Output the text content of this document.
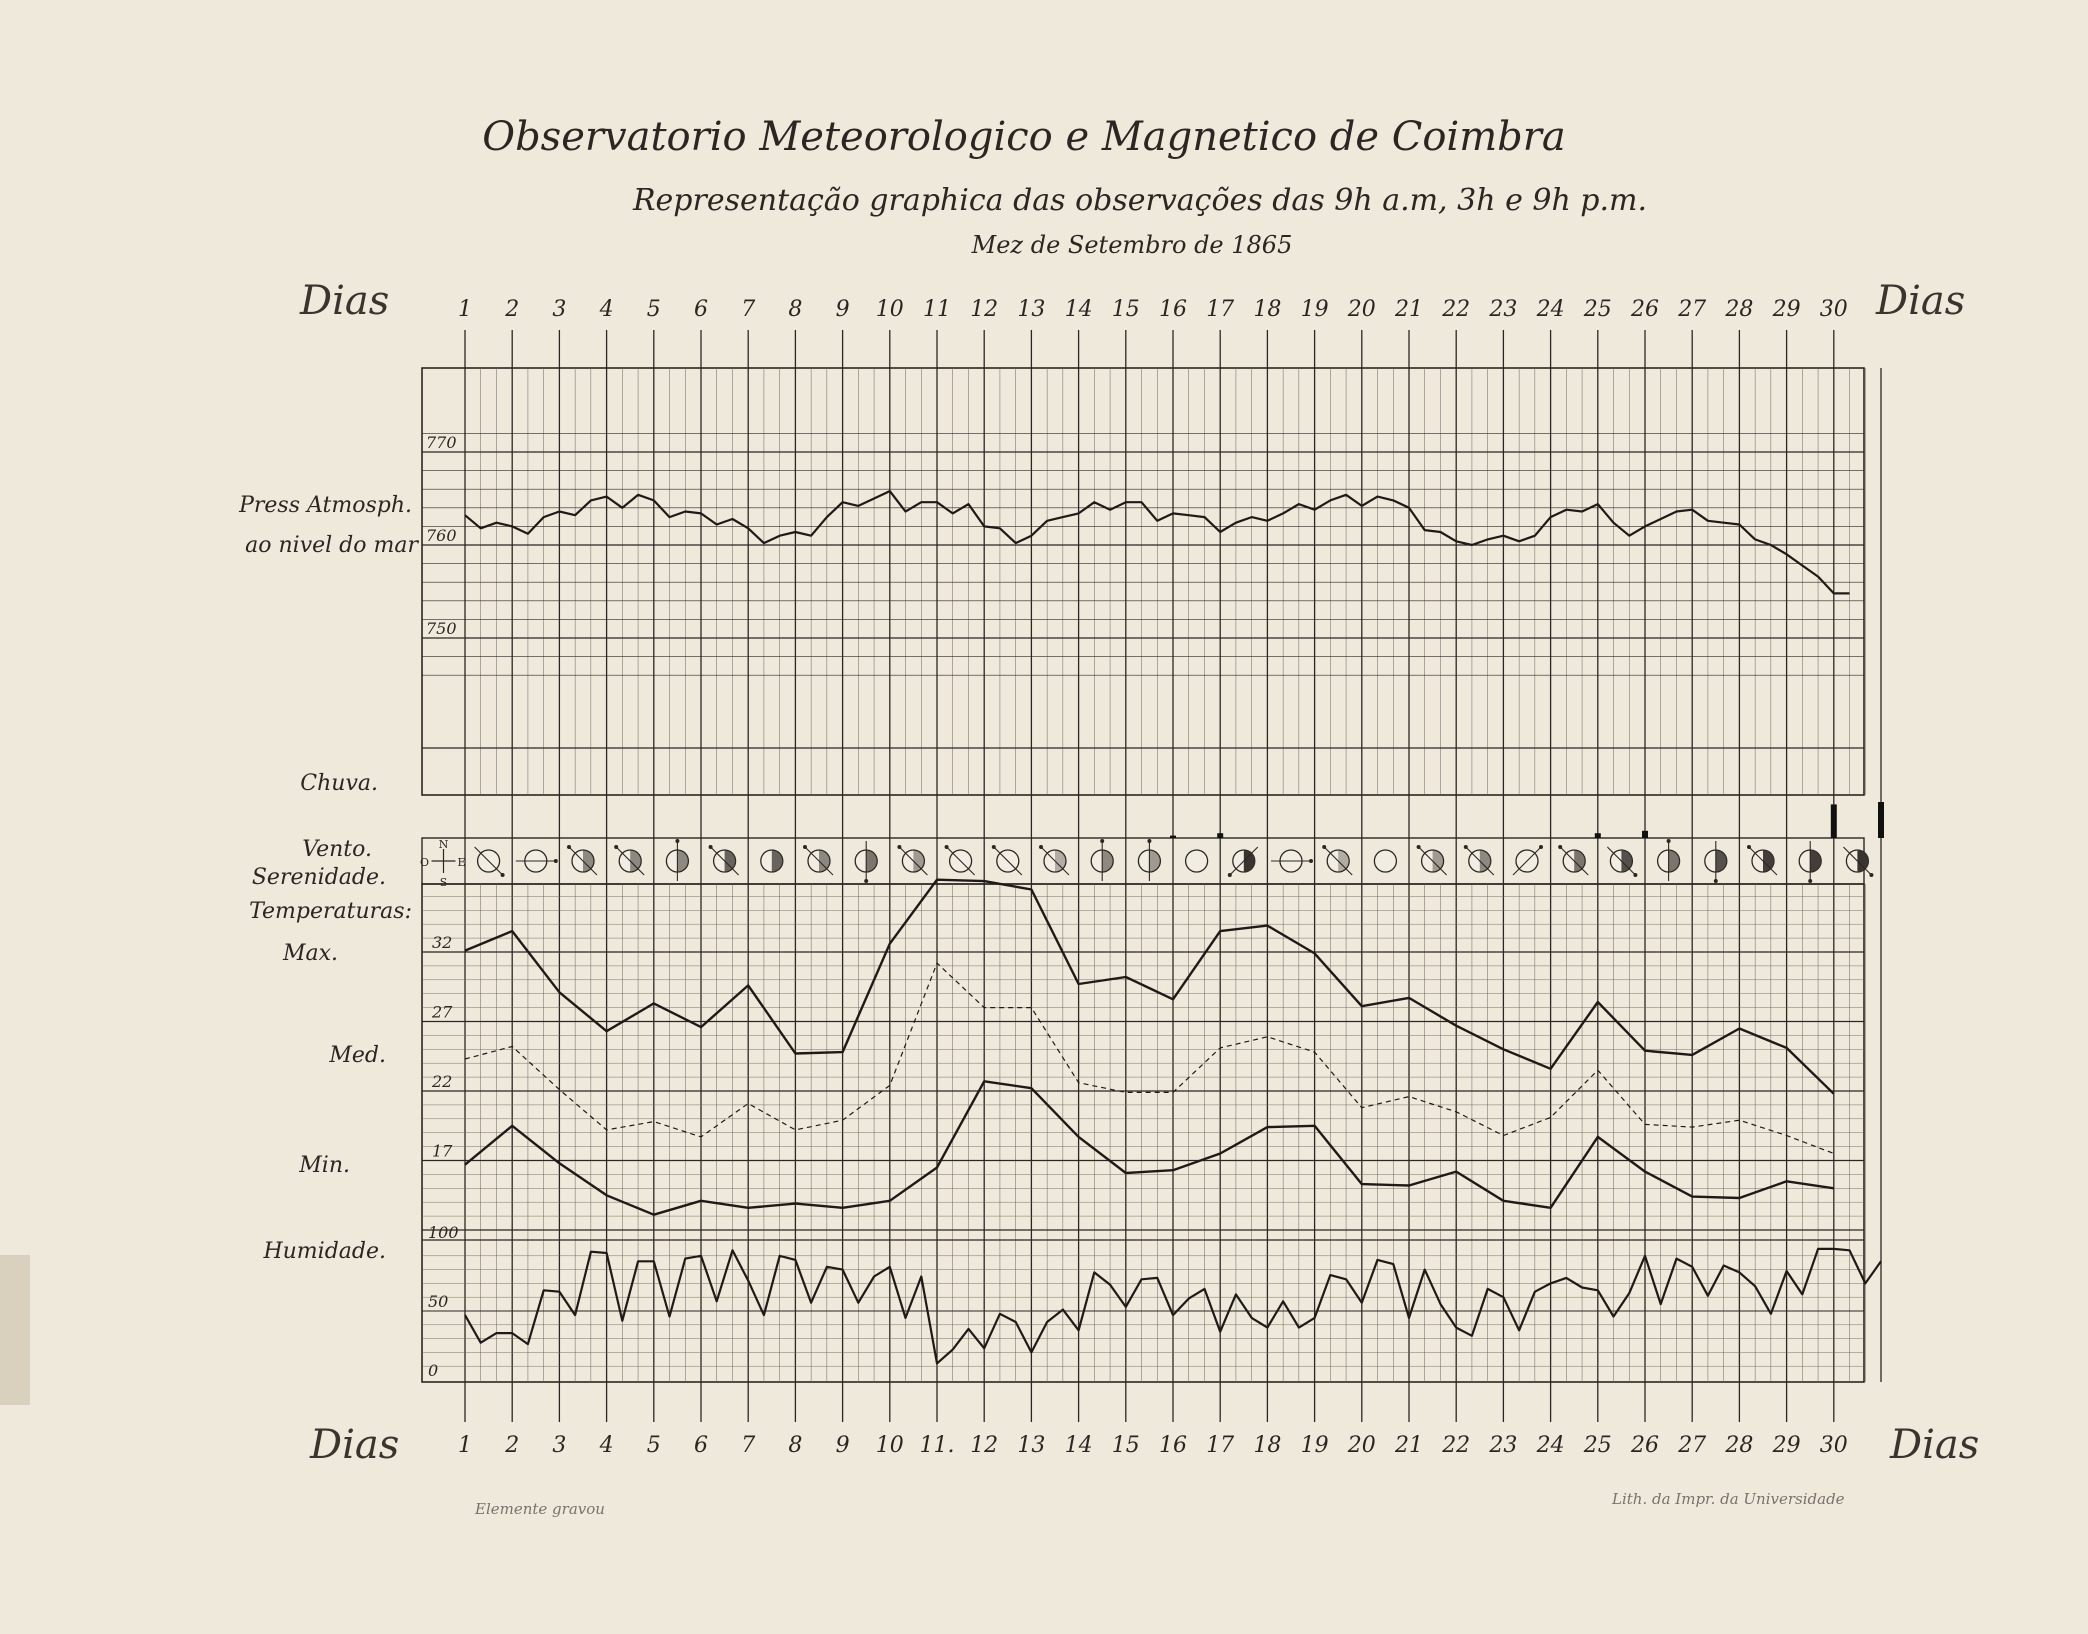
Observatorio Meteorologico e Magnetico de Coimbra
Representação graphica das observações das 9h a.m, 3h e 9h p.m.
Mez de Setembro de 1865
Dias	Dias
Dias	Dias
Press Atmosph.
ao nivel do mar
Chuva.
Vento.
Serenidade.
Temperaturas:
Max.
Med.
Min.
Humidade.
Elemente gravou
Lith. da Impr. da Universidade
1 2 3 4 5 6 7 8 9 10 11 12 13 14 15 16 17 18 19 20 21 22 23 24 25 26 27 28 29 30
1 2 3 4 5 6 7 8 9 10 11. 12 13 14 15 16 17 18 19 20 21 22 23 24 25 26 27 28 29 30
770
760
750
32
27
22
17
100
50
0
N
S
E
O
